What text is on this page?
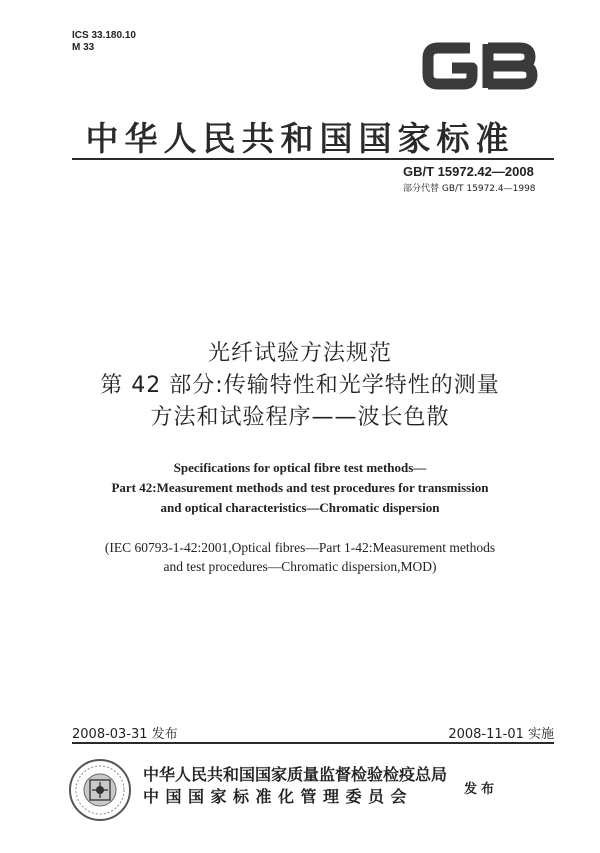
ICS 33.180.10
M 33
中华人民共和国国家标准
GB/T 15972.42—2008
部分代替 GB/T 15972.4—1998
光纤试验方法规范
第 42 部分:传输特性和光学特性的测量
方法和试验程序——波长色散
Specifications for optical fibre test methods—
Part 42:Measurement methods and test procedures for transmission
and optical characteristics—Chromatic dispersion
(IEC 60793-1-42:2001,Optical fibres—Part 1-42:Measurement methods
and test procedures—Chromatic dispersion,MOD)
2008-03-31 发布	2008-11-01 实施
中华人民共和国国家质量监督检验检疫总局
中国国家标准化管理委员会	发布
